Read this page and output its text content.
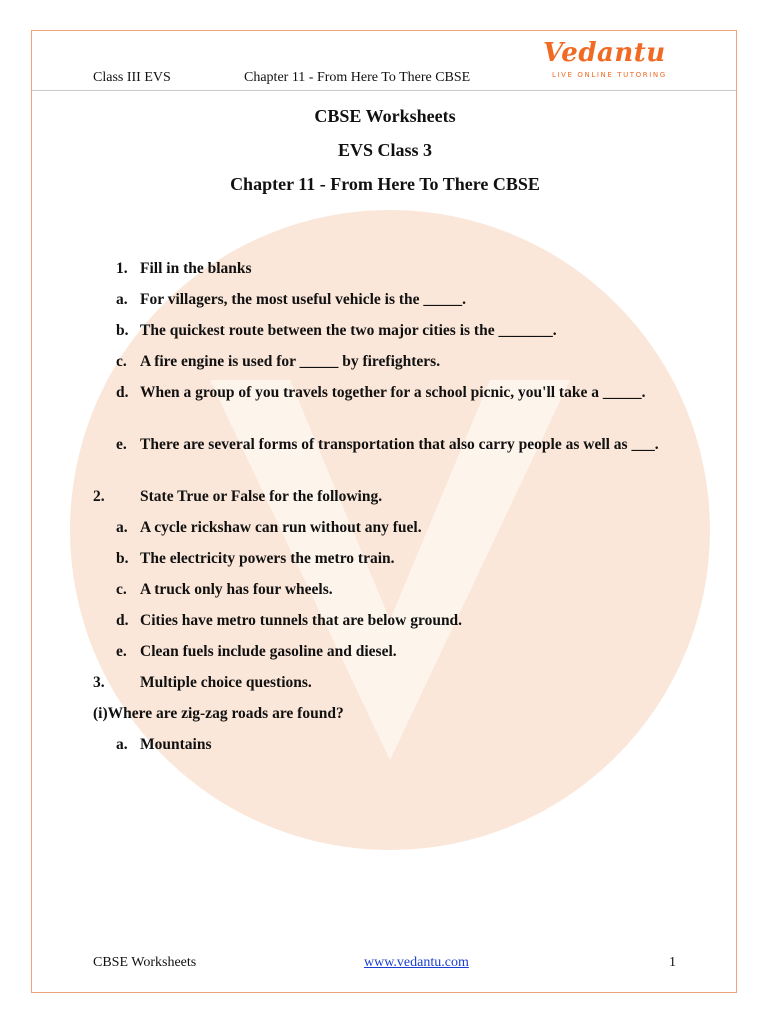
Class III EVS	Chapter 11 - From Here To There CBSE
Vedantu
LIVE ONLINE TUTORING
CBSE Worksheets
EVS Class 3
Chapter 11 - From Here To There CBSE
1. Fill in the blanks
a. For villagers, the most useful vehicle is the _____.
b. The quickest route between the two major cities is the _______.
c. A fire engine is used for _____ by firefighters.
d. When a group of you travels together for a school picnic, you'll take a _____.
e. There are several forms of transportation that also carry people as well as ___.
2. State True or False for the following.
a. A cycle rickshaw can run without any fuel.
b. The electricity powers the metro train.
c. A truck only has four wheels.
d. Cities have metro tunnels that are below ground.
e. Clean fuels include gasoline and diesel.
3. Multiple choice questions.
(i)Where are zig-zag roads are found?
a. Mountains
CBSE Worksheets	www.vedantu.com	1
